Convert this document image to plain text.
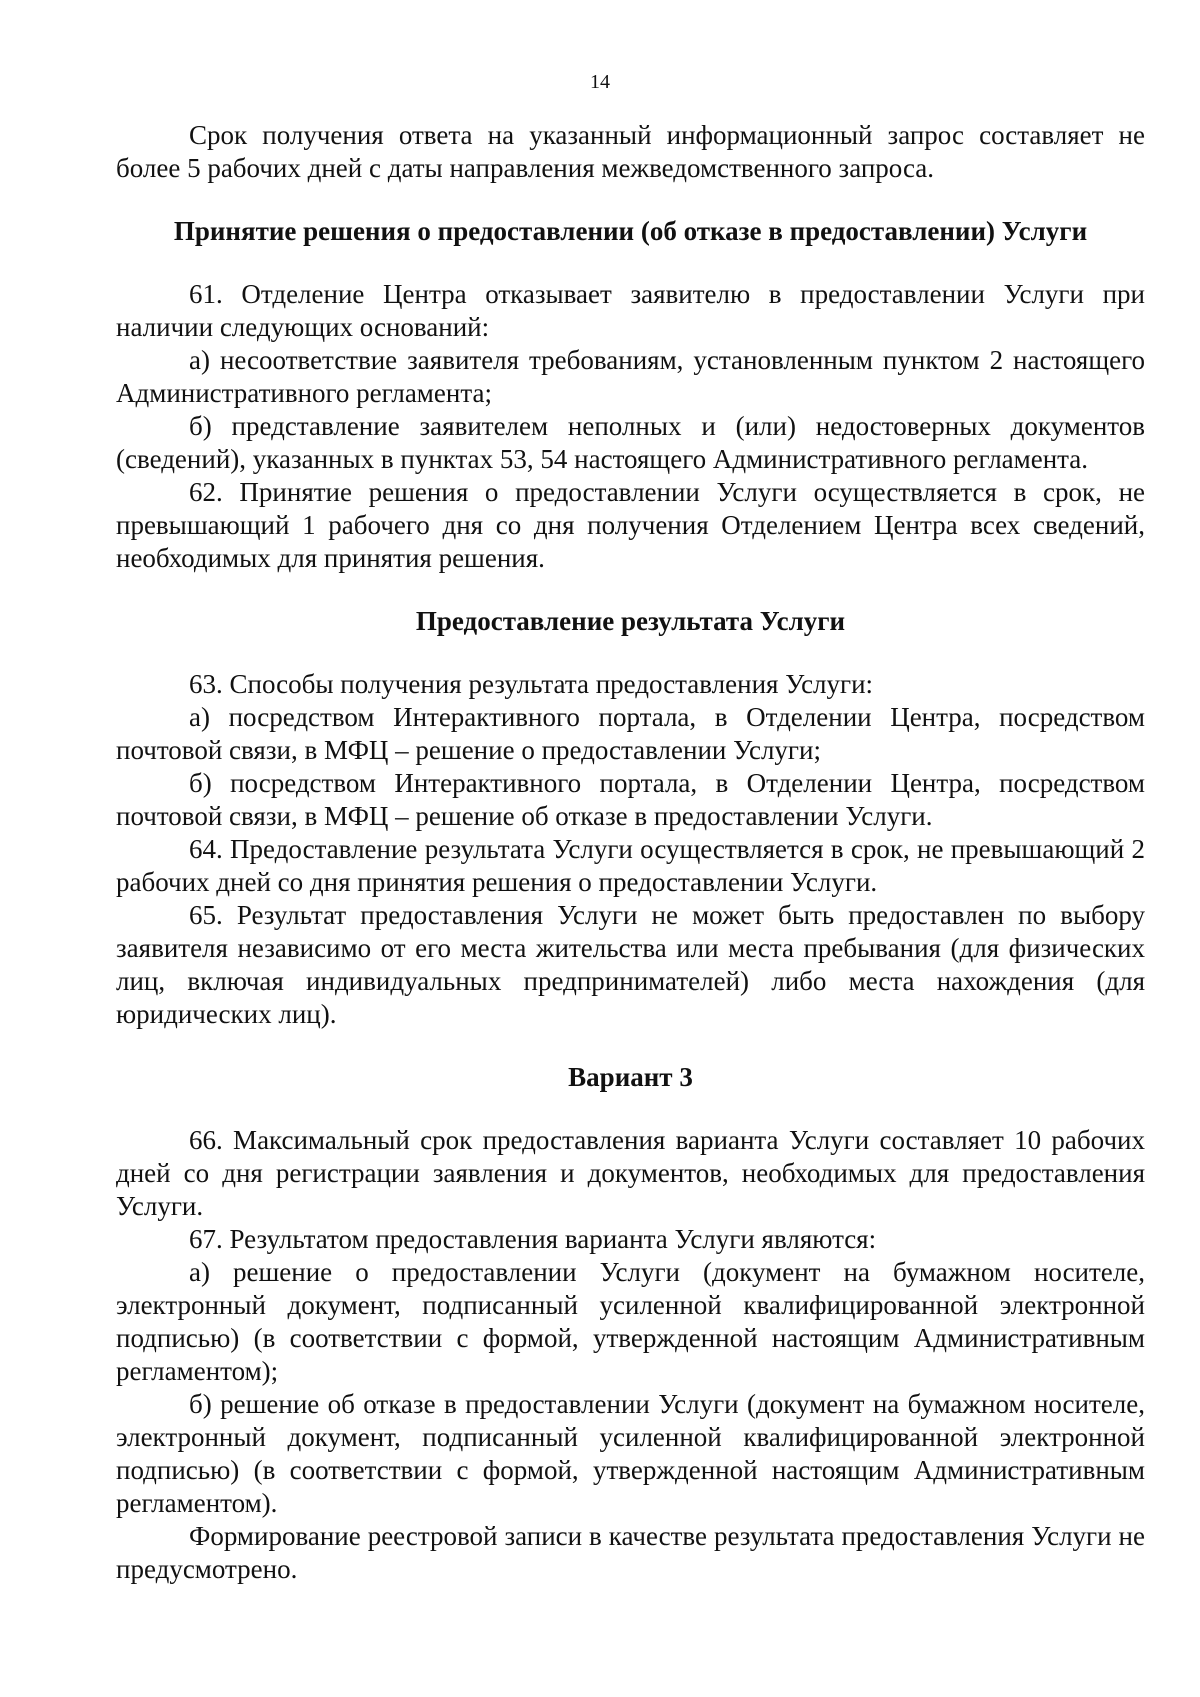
14

Срок получения ответа на указанный информационный запрос составляет не более 5 рабочих дней с даты направления межведомственного запроса.

Принятие решения о предоставлении (об отказе в предоставлении) Услуги

61. Отделение Центра отказывает заявителю в предоставлении Услуги при наличии следующих оснований:

а) несоответствие заявителя требованиям, установленным пунктом 2 настоящего Административного регламента;

б) представление заявителем неполных и (или) недостоверных документов (сведений), указанных в пунктах 53, 54 настоящего Административного регламента.

62. Принятие решения о предоставлении Услуги осуществляется в срок, не превышающий 1 рабочего дня со дня получения Отделением Центра всех сведений, необходимых для принятия решения.

Предоставление результата Услуги

63. Способы получения результата предоставления Услуги:

а) посредством Интерактивного портала, в Отделении Центра, посредством почтовой связи, в МФЦ – решение о предоставлении Услуги;

б) посредством Интерактивного портала, в Отделении Центра, посредством почтовой связи, в МФЦ – решение об отказе в предоставлении Услуги.

64. Предоставление результата Услуги осуществляется в срок, не превышающий 2 рабочих дней со дня принятия решения о предоставлении Услуги.

65. Результат предоставления Услуги не может быть предоставлен по выбору заявителя независимо от его места жительства или места пребывания (для физических лиц, включая индивидуальных предпринимателей) либо места нахождения (для юридических лиц).

Вариант 3

66. Максимальный срок предоставления варианта Услуги составляет 10 рабочих дней со дня регистрации заявления и документов, необходимых для предоставления Услуги.

67. Результатом предоставления варианта Услуги являются:

а) решение о предоставлении Услуги (документ на бумажном носителе, электронный документ, подписанный усиленной квалифицированной электронной подписью) (в соответствии с формой, утвержденной настоящим Административным регламентом);

б) решение об отказе в предоставлении Услуги (документ на бумажном носителе, электронный документ, подписанный усиленной квалифицированной электронной подписью) (в соответствии с формой, утвержденной настоящим Административным регламентом).

Формирование реестровой записи в качестве результата предоставления Услуги не предусмотрено.
